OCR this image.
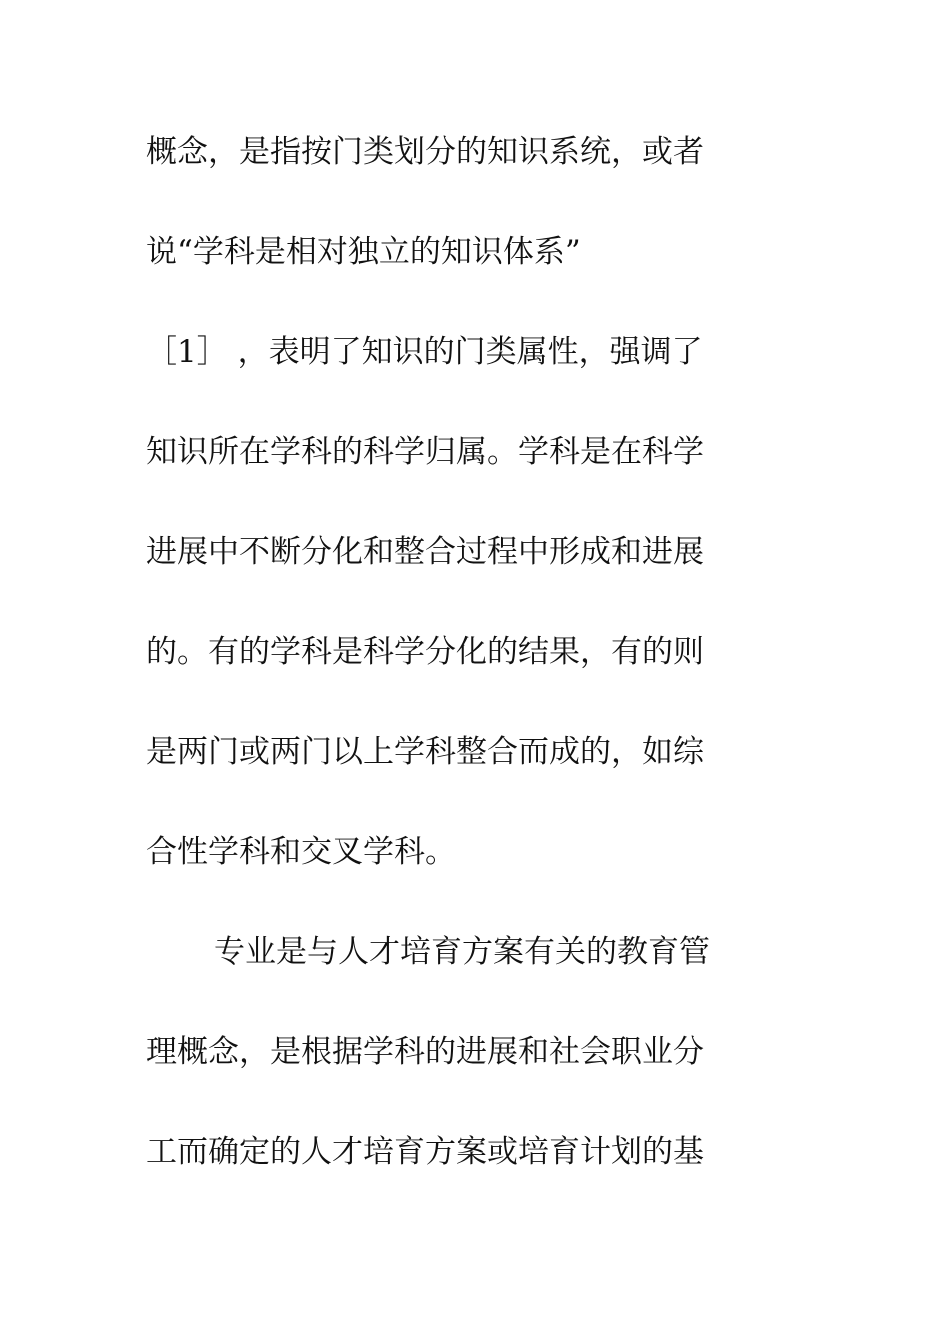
概念，是指按门类划分的知识系统，或者
说“学科是相对独立的知识体系”
［1］ ，表明了知识的门类属性，强调了
知识所在学科的科学归属。学科是在科学
进展中不断分化和整合过程中形成和进展
的。有的学科是科学分化的结果，有的则
是两门或两门以上学科整合而成的，如综
合性学科和交叉学科。
专业是与人才培育方案有关的教育管
理概念，是根据学科的进展和社会职业分
工而确定的人才培育方案或培育计划的基
